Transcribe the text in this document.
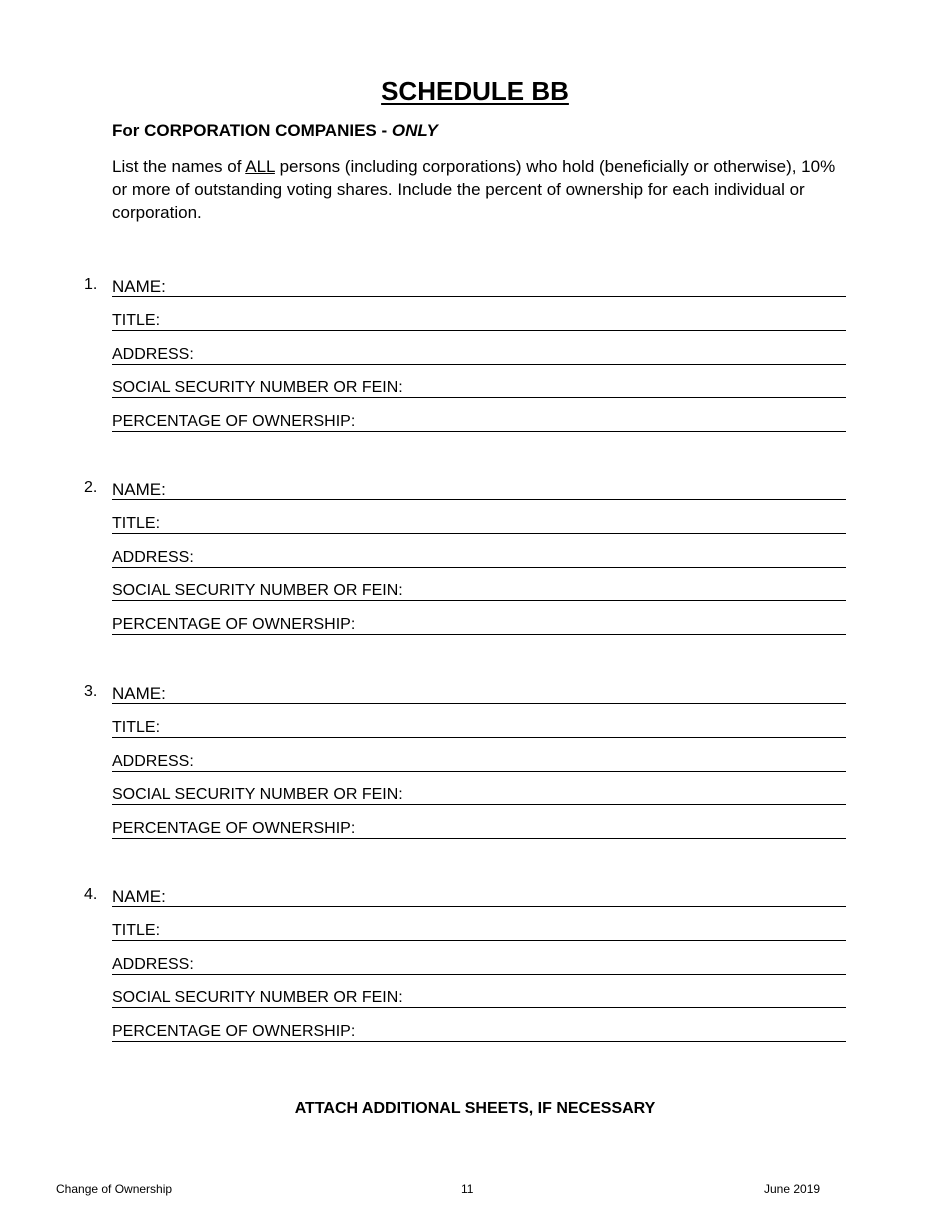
SCHEDULE BB
For CORPORATION COMPANIES - ONLY
List the names of ALL persons (including corporations) who hold (beneficially or otherwise), 10% or more of outstanding voting shares. Include the percent of ownership for each individual or corporation.
1. NAME:
TITLE:
ADDRESS:
SOCIAL SECURITY NUMBER OR FEIN:
PERCENTAGE OF OWNERSHIP:
2. NAME:
TITLE:
ADDRESS:
SOCIAL SECURITY NUMBER OR FEIN:
PERCENTAGE OF OWNERSHIP:
3. NAME:
TITLE:
ADDRESS:
SOCIAL SECURITY NUMBER OR FEIN:
PERCENTAGE OF OWNERSHIP:
4. NAME:
TITLE:
ADDRESS:
SOCIAL SECURITY NUMBER OR FEIN:
PERCENTAGE OF OWNERSHIP:
ATTACH ADDITIONAL SHEETS, IF NECESSARY
Change of Ownership	11	June 2019
